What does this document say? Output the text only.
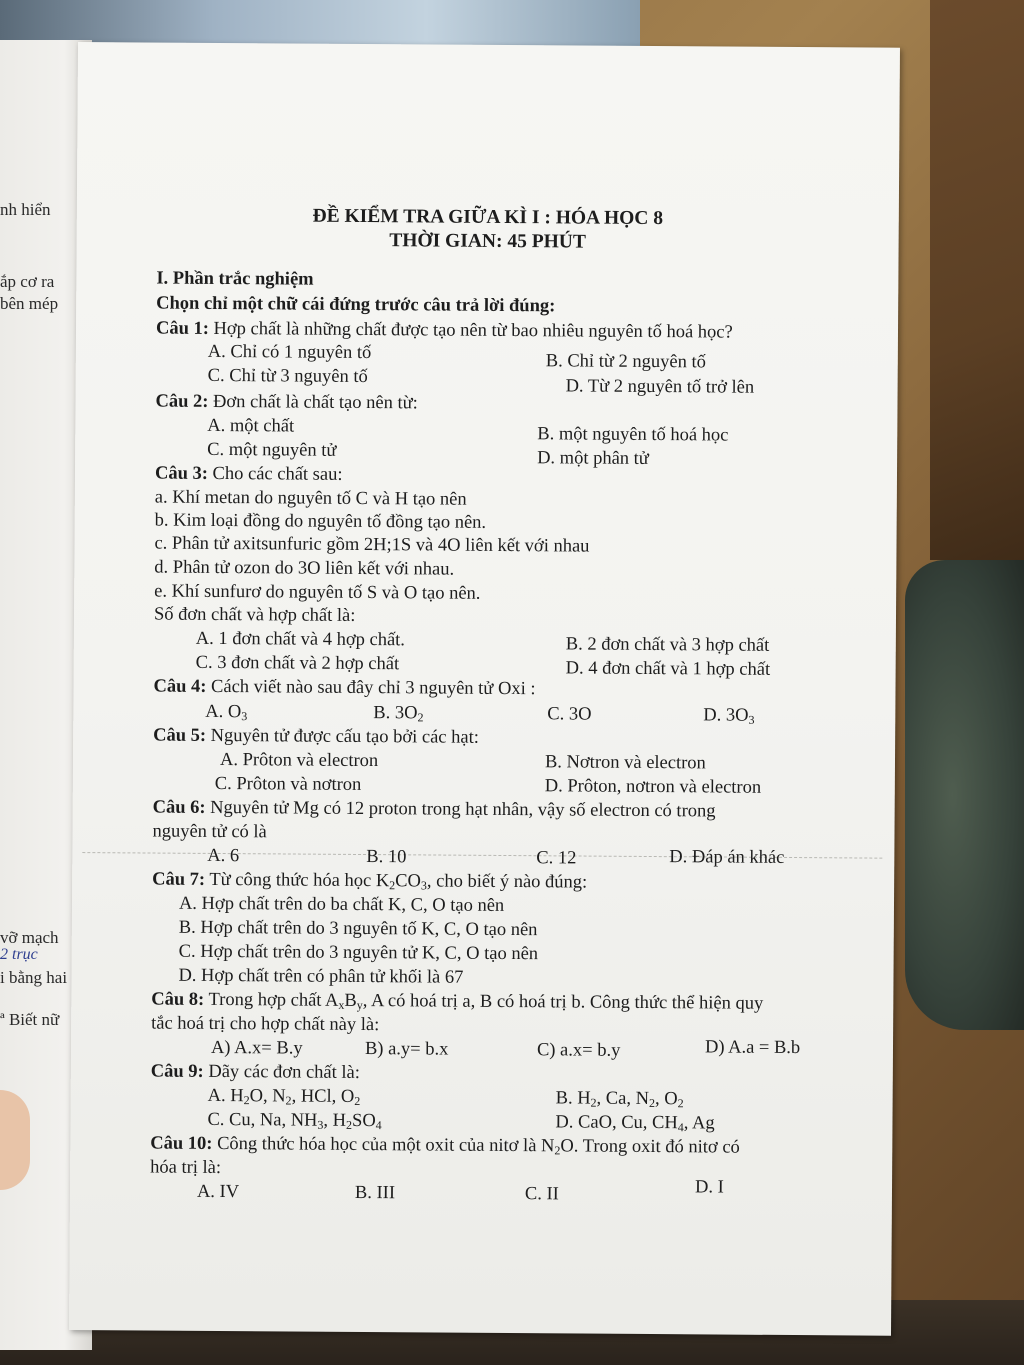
nh hiển
ắp cơ ra
bên mép
vỡ mạch
2 trục
i bằng hai
ª Biết nữ
ĐỀ KIỂM TRA GIỮA KÌ I : HÓA HỌC 8
THỜI GIAN: 45 PHÚT
I. Phần trắc nghiệm
Chọn chỉ một chữ cái đứng trước câu trả lời đúng:
Câu 1: Hợp chất là những chất được tạo nên từ bao nhiêu nguyên tố hoá học?
A. Chỉ có 1 nguyên tố	B. Chỉ từ 2 nguyên tố
C. Chỉ từ 3 nguyên tố	D. Từ 2 nguyên tố trở lên
Câu 2: Đơn chất là chất tạo nên từ:
A. một chất	B. một nguyên tố hoá học
C. một nguyên tử	D. một phân tử
Câu 3: Cho các chất sau:
a. Khí metan do nguyên tố C và H tạo nên
b. Kim loại đồng do nguyên tố đồng tạo nên.
c. Phân tử axitsunfuric gồm 2H;1S và 4O liên kết với nhau
d. Phân tử ozon do 3O liên kết với nhau.
e. Khí sunfurơ do nguyên tố S và O tạo nên.
Số đơn chất và hợp chất là:
A. 1 đơn chất và 4 hợp chất.	B. 2 đơn chất và 3 hợp chất
C. 3 đơn chất và 2 hợp chất	D. 4 đơn chất và 1 hợp chất
Câu 4: Cách viết nào sau đây chỉ 3 nguyên tử Oxi :
A. $O_3$	B. $3O_2$	C. 3O	D. $3O_3$
Câu 5: Nguyên tử được cấu tạo bởi các hạt:
A. Prôton và electron	B. Nơtron và electron
C. Prôton và nơtron	D. Prôton, nơtron và electron
Câu 6: Nguyên tử Mg có 12 proton trong hạt nhân, vậy số electron có trong
nguyên tử có là
A. 6	B. 10	C. 12	D. Đáp án khác
Câu 7: Từ công thức hóa học $K_2CO_3$, cho biết ý nào đúng:
A. Hợp chất trên do ba chất K, C, O tạo nên
B. Hợp chất trên do 3 nguyên tố K, C, O tạo nên
C. Hợp chất trên do 3 nguyên tử K, C, O tạo nên
D. Hợp chất trên có phân tử khối là 67
Câu 8: Trong hợp chất $A_xB_y$, A có hoá trị a, B có hoá trị b. Công thức thể hiện quy
tắc hoá trị cho hợp chất này là:
A) A.x= B.y	B) a.y= b.x	C) a.x= b.y	D) A.a = B.b
Câu 9: Dãy các đơn chất là:
A. $H_2O$, $N_2$, HCl, $O_2$	B. $H_2$, Ca, $N_2$, $O_2$
C. Cu, Na, $NH_3$, $H_2SO_4$	D. CaO, Cu, $CH_4$, Ag
Câu 10: Công thức hóa học của một oxit của nitơ là $N_2O$. Trong oxit đó nitơ có
hóa trị là:
A. IV	B. III	C. II	D. I
